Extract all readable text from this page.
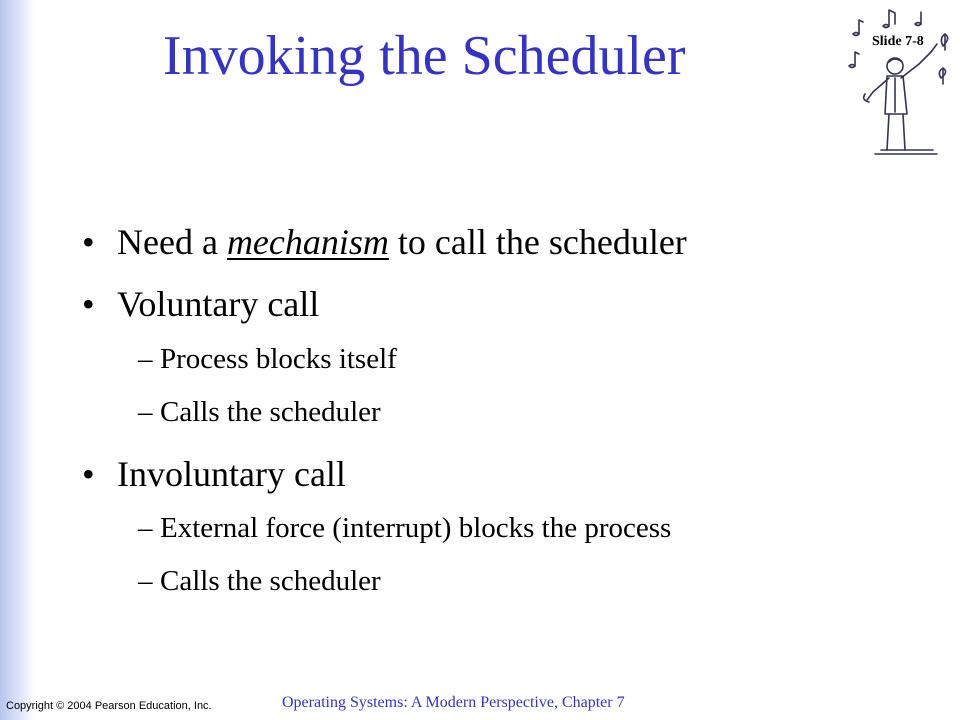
Invoking the Scheduler	Slide 7-8
• Need a mechanism to call the scheduler
• Voluntary call
– Process blocks itself
– Calls the scheduler
• Involuntary call
– External force (interrupt) blocks the process
– Calls the scheduler
Copyright © 2004 Pearson Education, Inc.	Operating Systems: A Modern Perspective, Chapter 7
